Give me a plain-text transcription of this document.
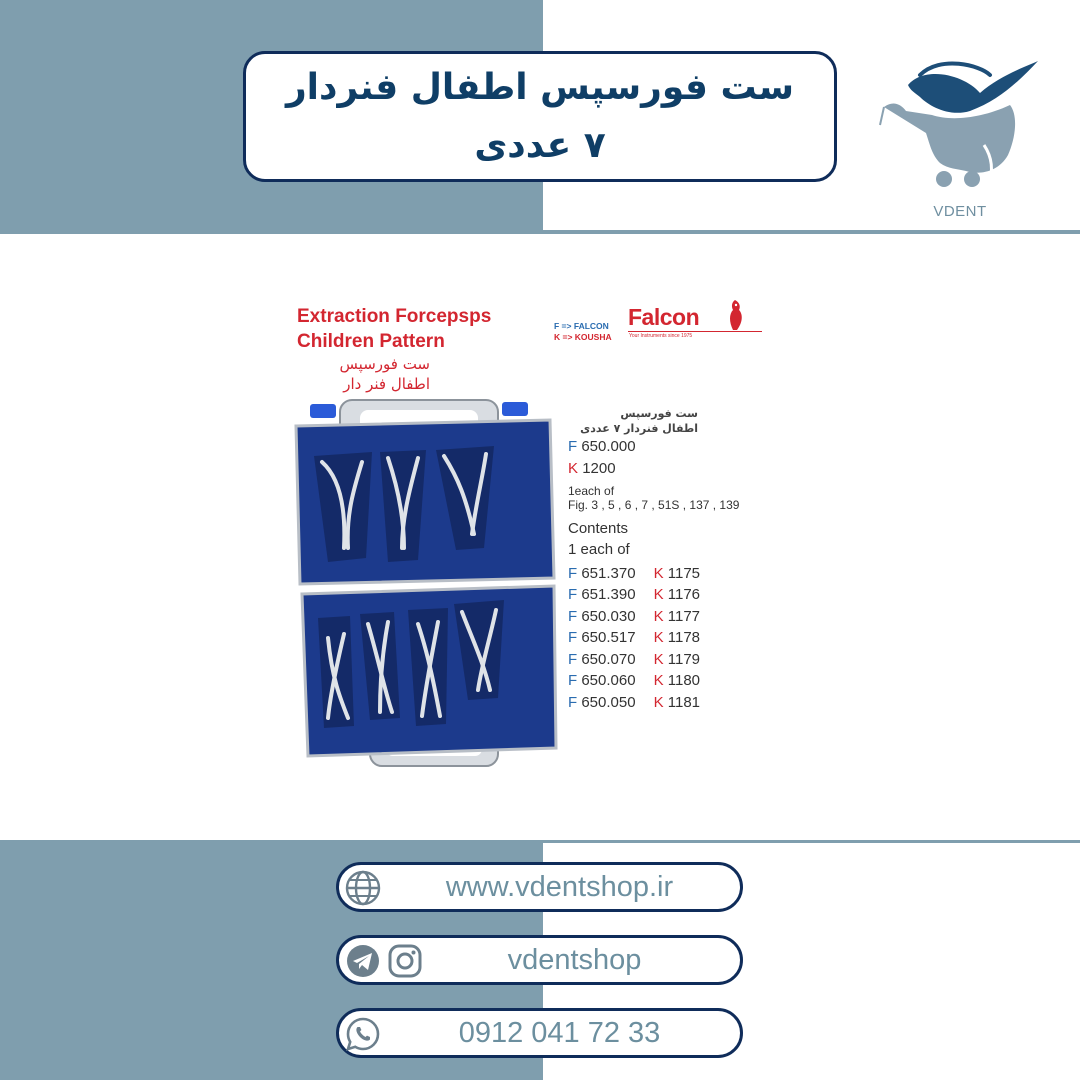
ست فورسپس اطفال فنردار
۷ عددی
VDENT
Extraction Forcepsps
Children Pattern
ست فورسپس
اطفال فنر دار
F => FALCON
K => KOUSHA
Falcon
Your Instruments since 1975
ست فورسپس
اطفال فنردار ۷ عددی
F 650.000
K 1200
1each of
Fig. 3 , 5 , 6 , 7 , 51S , 137 , 139
Contents
1 each of
F 651.370 K 1175
F 651.390 K 1176
F 650.030 K 1177
F 650.517 K 1178
F 650.070 K 1179
F 650.060 K 1180
F 650.050 K 1181
www.vdentshop.ir
vdentshop
0912 041 72 33
